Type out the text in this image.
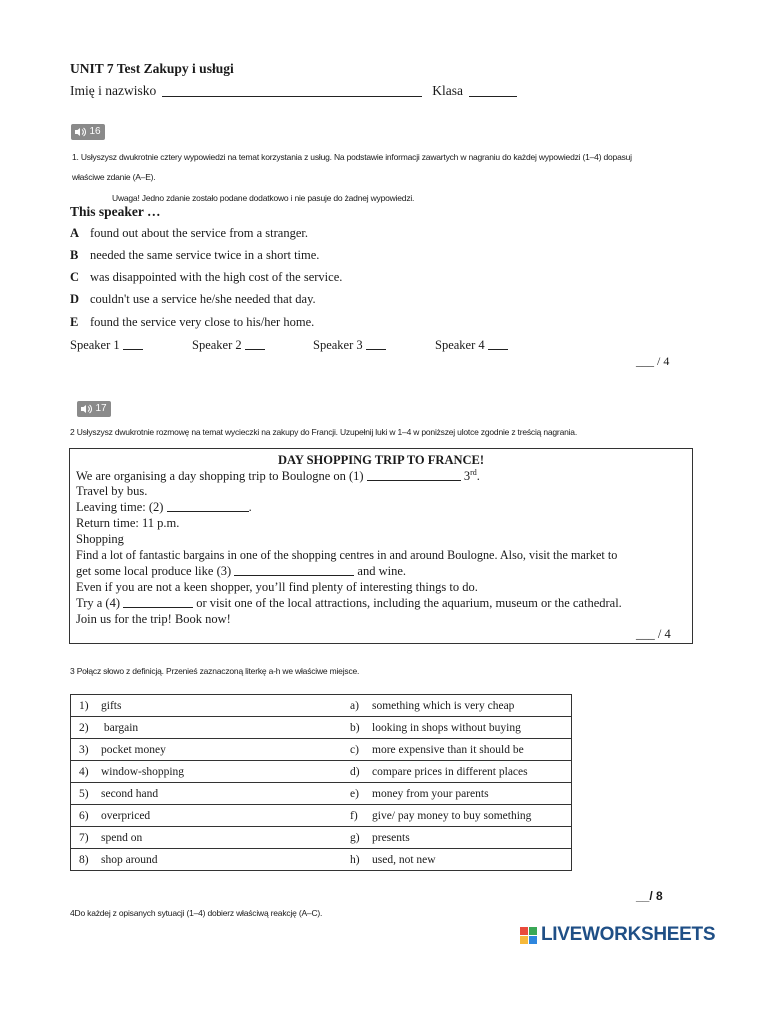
UNIT 7 Test Zakupy i usługi
Imię i nazwisko	Klasa
16
1. Usłyszysz dwukrotnie cztery wypowiedzi na temat korzystania z usług. Na podstawie informacji zawartych w nagraniu do każdej wypowiedzi (1–4) dopasuj
właściwe zdanie (A–E).
Uwaga! Jedno zdanie zostało podane dodatkowo i nie pasuje do żadnej wypowiedzi.
This speaker …
A found out about the service from a stranger.
B needed the same service twice in a short time.
C was disappointed with the high cost of the service.
D couldn't use a service he/she needed that day.
E found the service very close to his/her home.
Speaker 1	Speaker 2	Speaker 3	Speaker 4
___ / 4
17
2 Usłyszysz dwukrotnie rozmowę na temat wycieczki na zakupy do Francji. Uzupełnij luki w 1–4 w poniższej ulotce zgodnie z treścią nagrania.
DAY SHOPPING TRIP TO FRANCE!
We are organising a day shopping trip to Boulogne on (1)	3rd.
Travel by bus.
Leaving time: (2)	.
Return time: 11 p.m.
Shopping
Find a lot of fantastic bargains in one of the shopping centres in and around Boulogne. Also, visit the market to
get some local produce like (3)	and wine.
Even if you are not a keen shopper, you’ll find plenty of interesting things to do.
Try a (4)	or visit one of the local attractions, including the aquarium, museum or the cathedral.
Join us for the trip! Book now!
___ / 4
3 Połącz słowo z definicją. Przenieś zaznaczoną literkę a-h we właściwe miejsce.
1) gifts	a) something which is very cheap
2) bargain	b) looking in shops without buying
3) pocket money	c) more expensive than it should be
4) window-shopping	d) compare prices in different places
5) second hand	e) money from your parents
6) overpriced	f) give/ pay money to buy something
7) spend on	g) presents
8) shop around	h) used, not new
__/ 8
4Do każdej z opisanych sytuacji (1–4) dobierz właściwą reakcję (A–C).
LIVEWORKSHEETS
